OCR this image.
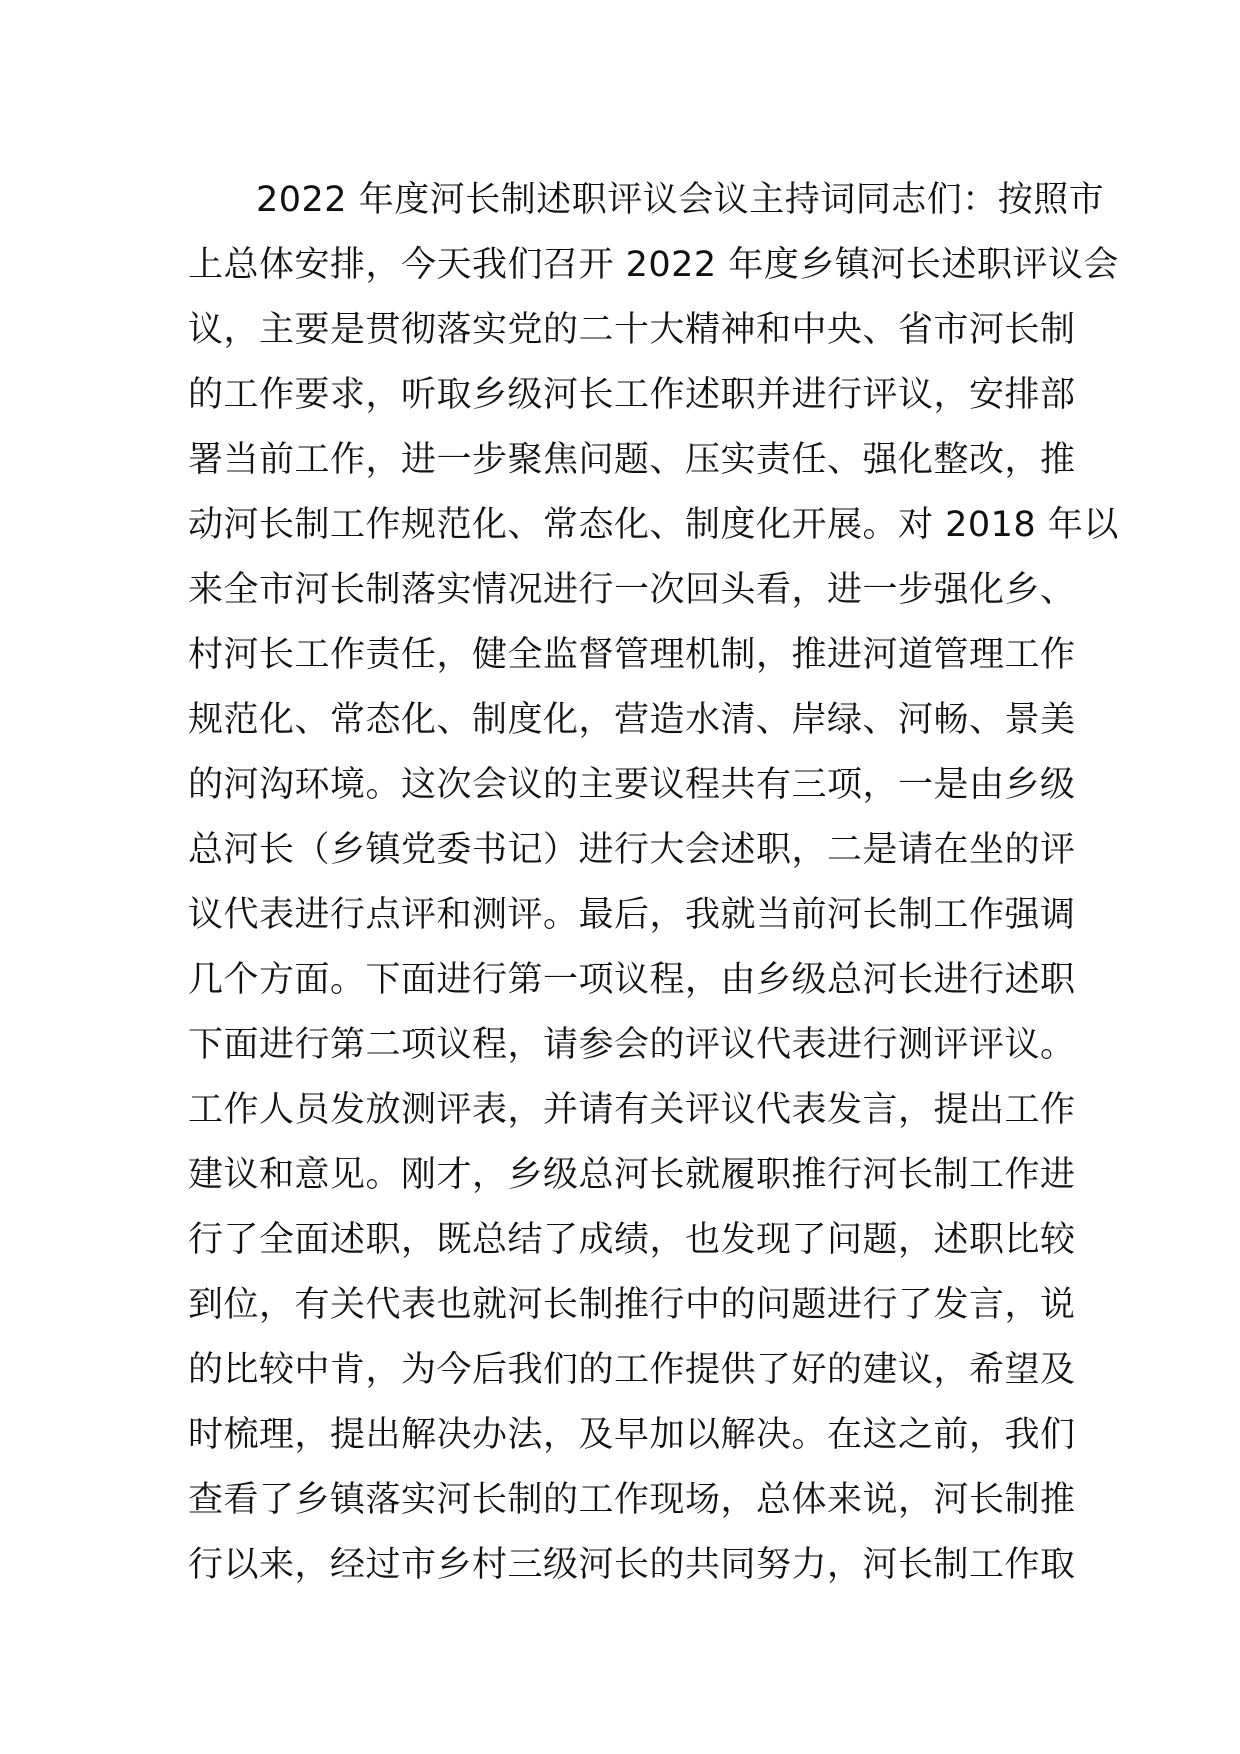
2022 年度河长制述职评议会议主持词同志们：按照市
上总体安排，今天我们召开 2022 年度乡镇河长述职评议会
议，主要是贯彻落实党的二十大精神和中央、省市河长制
的工作要求，听取乡级河长工作述职并进行评议，安排部
署当前工作，进一步聚焦问题、压实责任、强化整改，推
动河长制工作规范化、常态化、制度化开展。对 2018 年以
来全市河长制落实情况进行一次回头看，进一步强化乡、
村河长工作责任，健全监督管理机制，推进河道管理工作
规范化、常态化、制度化，营造水清、岸绿、河畅、景美
的河沟环境。这次会议的主要议程共有三项，一是由乡级
总河长（乡镇党委书记）进行大会述职，二是请在坐的评
议代表进行点评和测评。最后，我就当前河长制工作强调
几个方面。下面进行第一项议程，由乡级总河长进行述职
下面进行第二项议程，请参会的评议代表进行测评评议。
工作人员发放测评表，并请有关评议代表发言，提出工作
建议和意见。刚才，乡级总河长就履职推行河长制工作进
行了全面述职，既总结了成绩，也发现了问题，述职比较
到位，有关代表也就河长制推行中的问题进行了发言，说
的比较中肯，为今后我们的工作提供了好的建议，希望及
时梳理，提出解决办法，及早加以解决。在这之前，我们
查看了乡镇落实河长制的工作现场，总体来说，河长制推
行以来，经过市乡村三级河长的共同努力，河长制工作取
